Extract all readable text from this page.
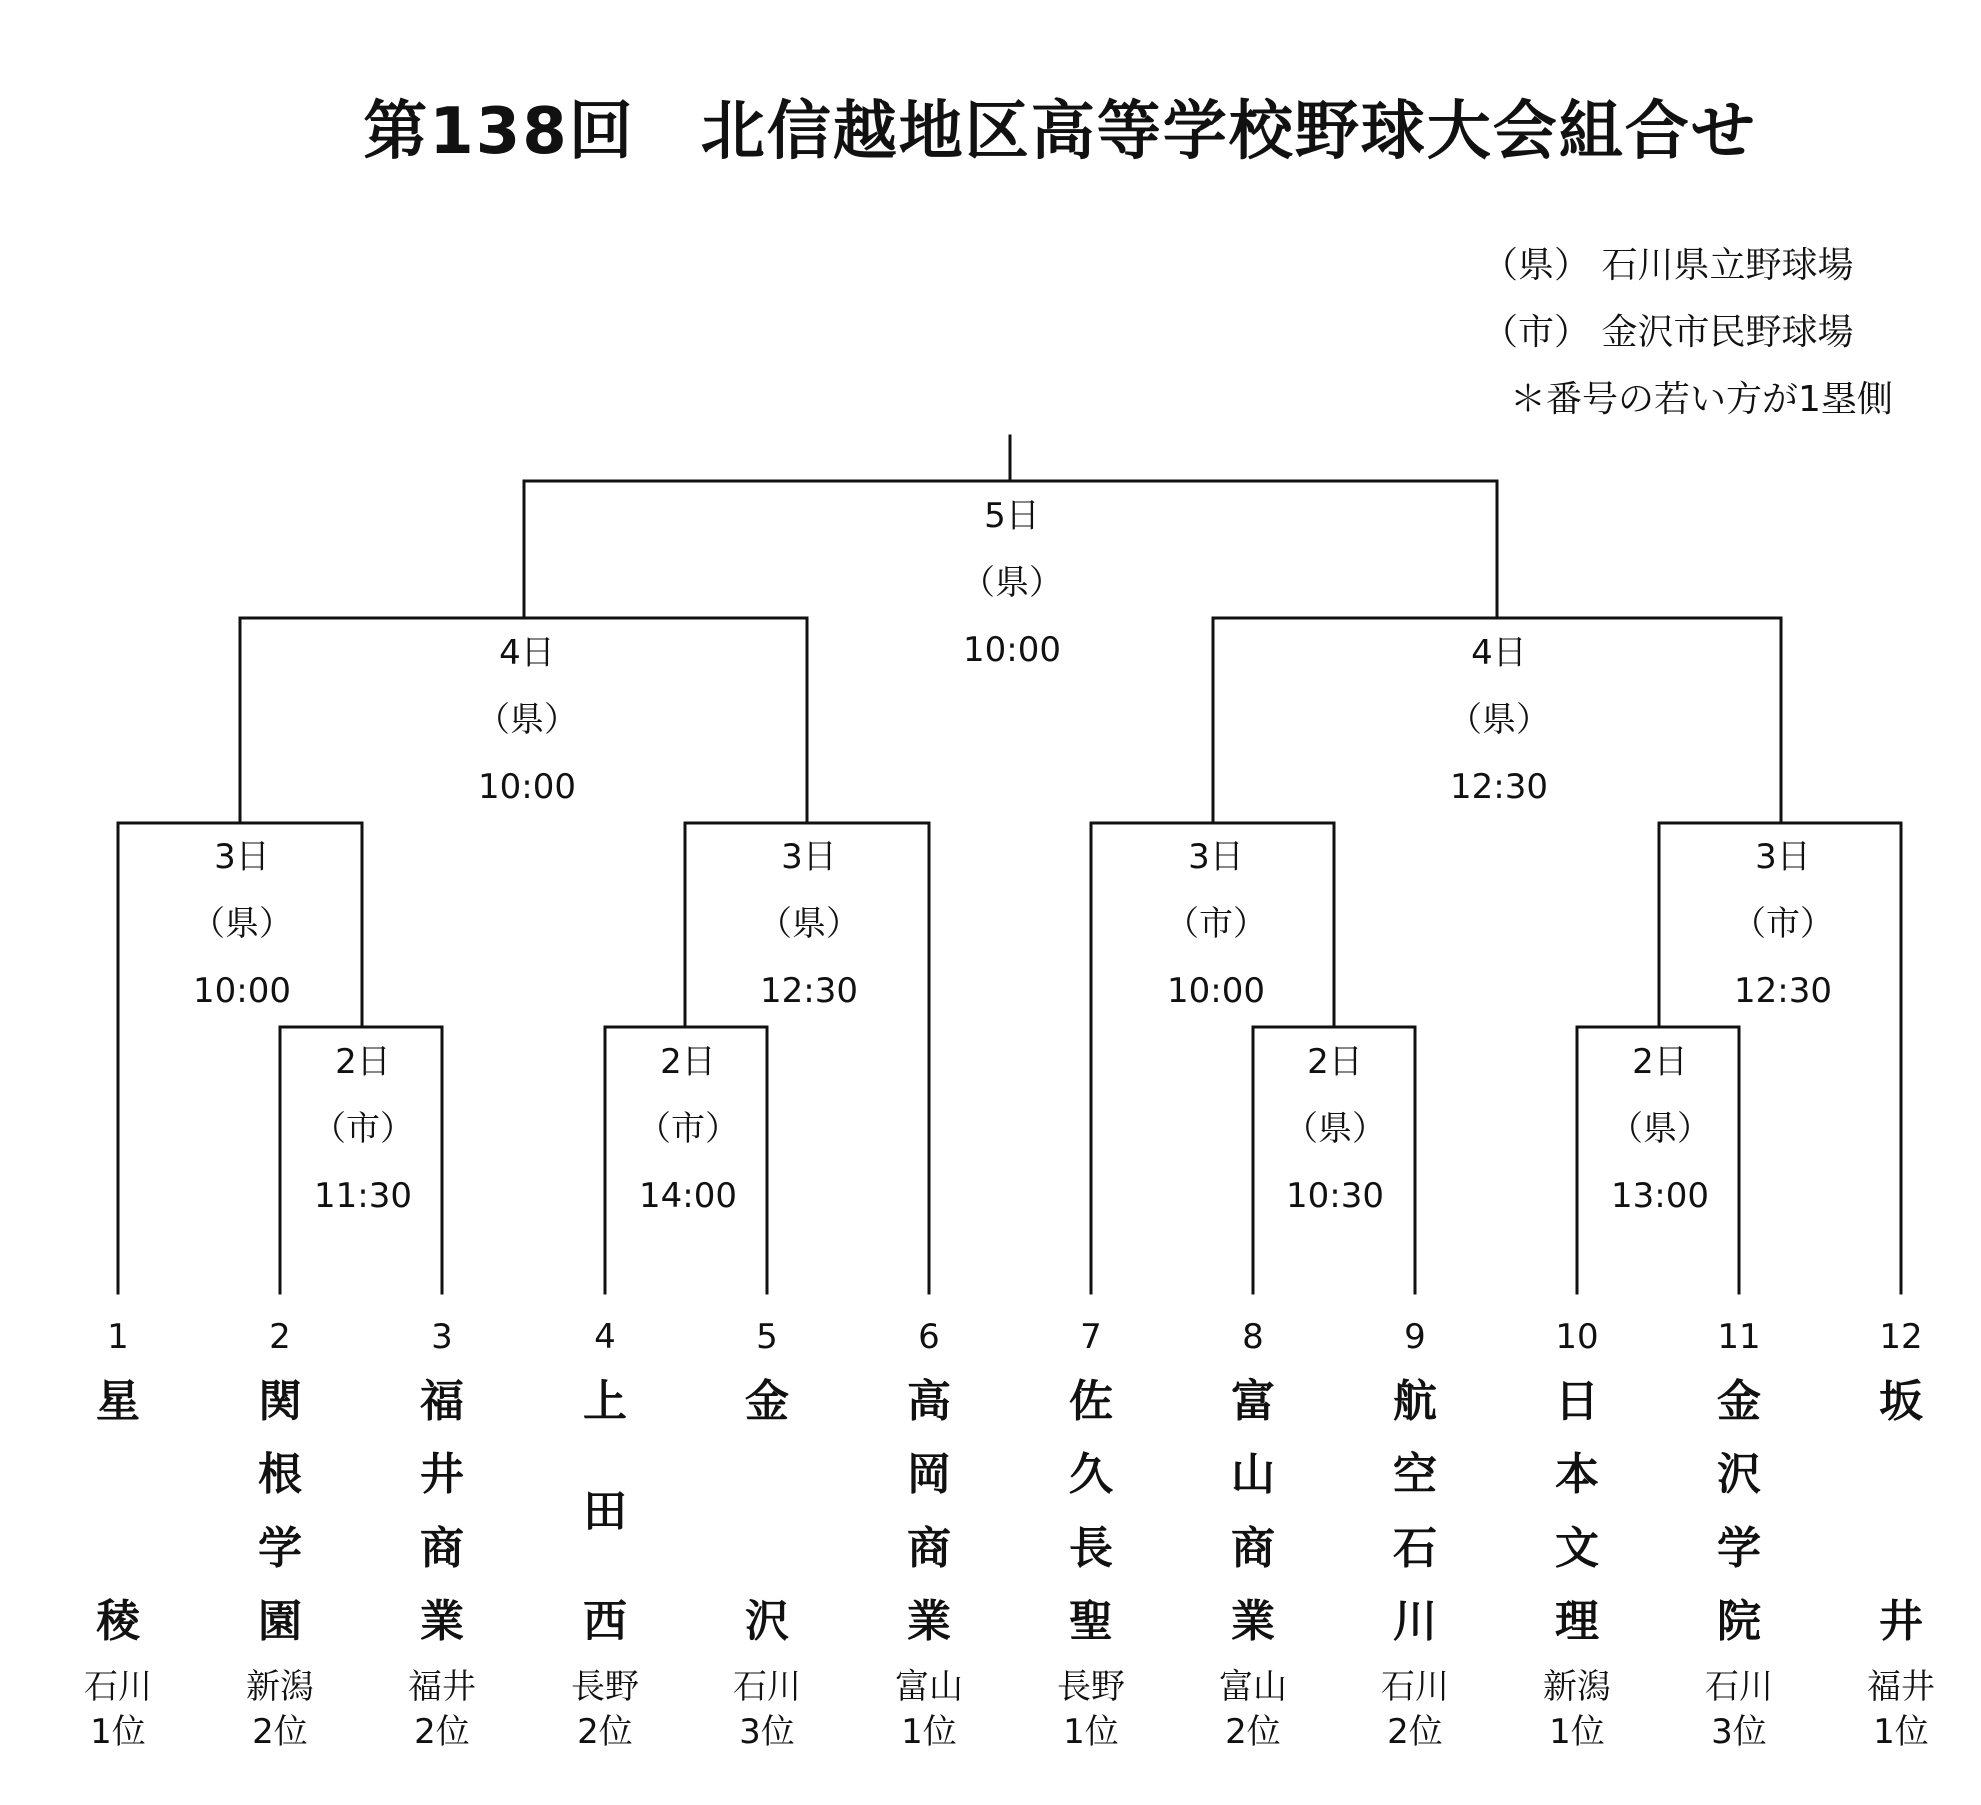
第138回　北信越地区高等学校野球大会組合せ
（県） 石川県立野球場
（市） 金沢市民野球場
＊番号の若い方が1塁側
5日
（県）
10:00
4日
（県）
10:00
4日
（県）
12:30
3日
（県）
10:00
3日
（県）
12:30
3日
（市）
10:00
3日
（市）
12:30
2日
（市）
11:30
2日
（市）
14:00
2日
（県）
10:30
2日
（県）
13:00
1
星
稜
石川
1位
2
関
根
学
園
新潟
2位
3
福
井
商
業
福井
2位
4
上
田
西
長野
2位
5
金
沢
石川
3位
6
高
岡
商
業
富山
1位
7
佐
久
長
聖
長野
1位
8
富
山
商
業
富山
2位
9
航
空
石
川
石川
2位
10
日
本
文
理
新潟
1位
11
金
沢
学
院
石川
3位
12
坂
井
福井
1位
